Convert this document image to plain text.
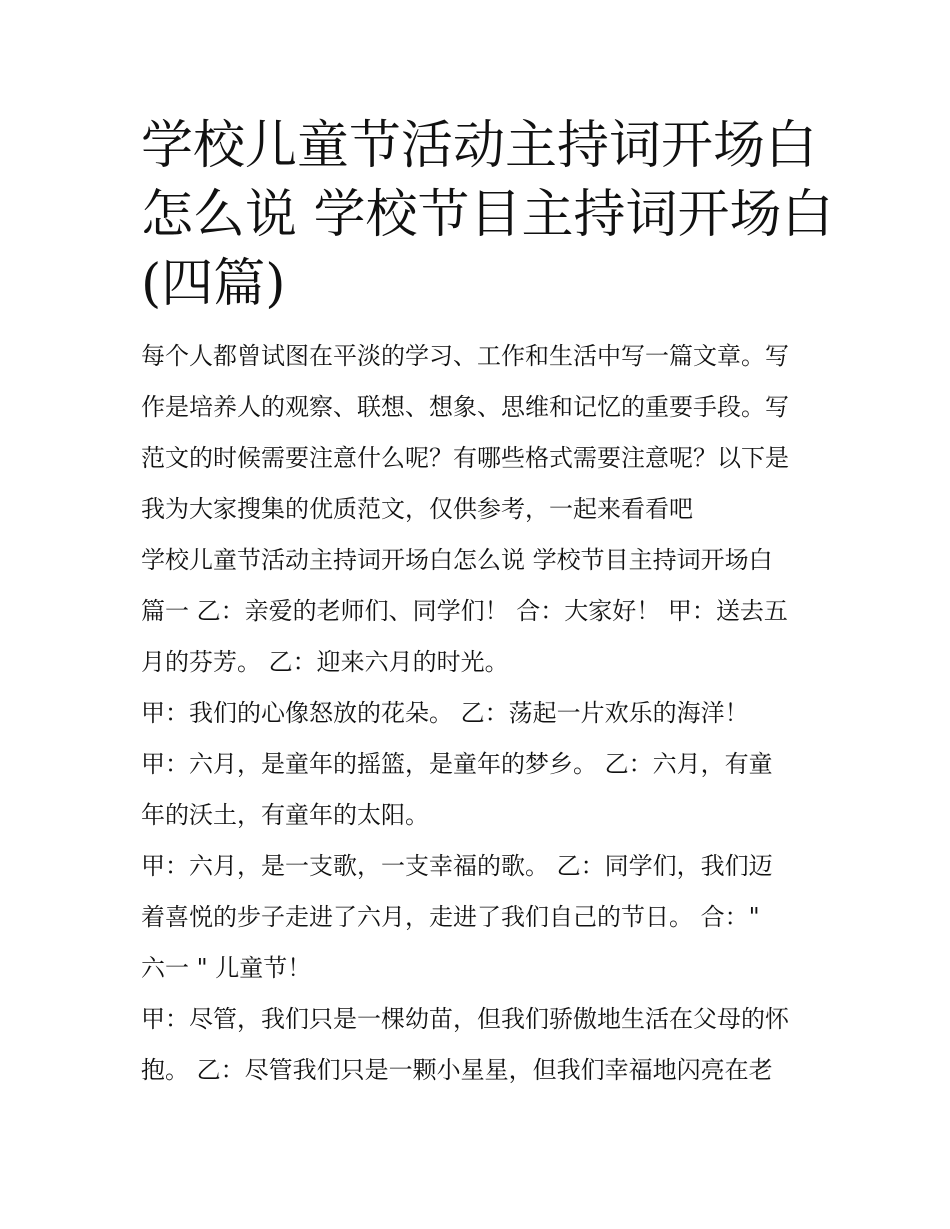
学校儿童节活动主持词开场白
怎么说 学校节目主持词开场白
(四篇)
每个人都曾试图在平淡的学习、工作和生活中写一篇文章。写
作是培养人的观察、联想、想象、思维和记忆的重要手段。写
范文的时候需要注意什么呢？有哪些格式需要注意呢？以下是
我为大家搜集的优质范文，仅供参考，一起来看看吧
学校儿童节活动主持词开场白怎么说 学校节目主持词开场白
篇一 乙：亲爱的老师们、同学们！ 合：大家好！ 甲：送去五
月的芬芳。 乙：迎来六月的时光。
甲：我们的心像怒放的花朵。 乙：荡起一片欢乐的海洋！
甲：六月，是童年的摇篮，是童年的梦乡。 乙：六月，有童
年的沃土，有童年的太阳。
甲：六月，是一支歌，一支幸福的歌。 乙：同学们，我们迈
着喜悦的步子走进了六月，走进了我们自己的节日。 合："
六一 " 儿童节！
甲：尽管，我们只是一棵幼苗，但我们骄傲地生活在父母的怀
抱。 乙：尽管我们只是一颗小星星，但我们幸福地闪亮在老
